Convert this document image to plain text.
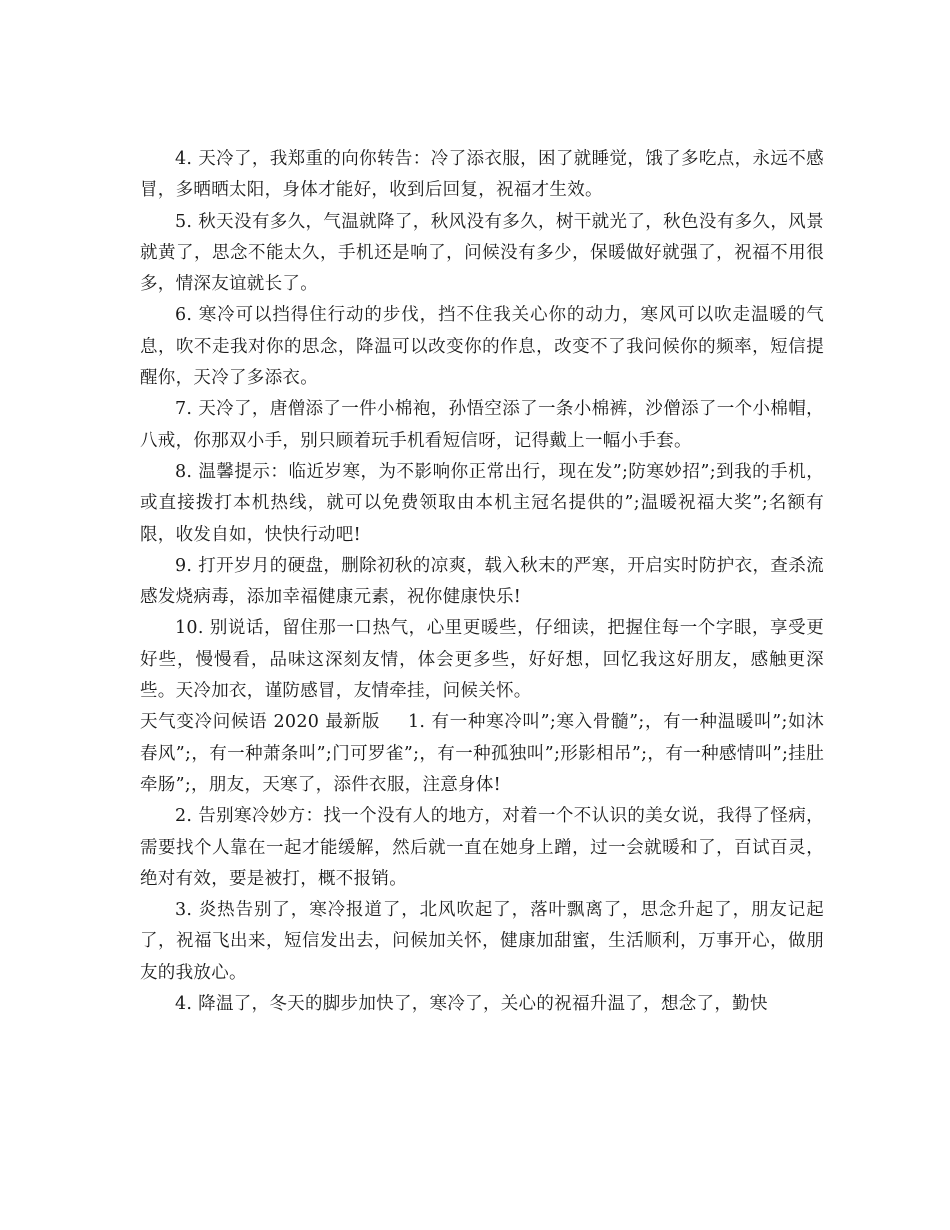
4. 天冷了，我郑重的向你转告：冷了添衣服，困了就睡觉，饿了多吃点，永远不感冒，多晒晒太阳，身体才能好，收到后回复，祝福才生效。

5. 秋天没有多久，气温就降了，秋风没有多久，树干就光了，秋色没有多久，风景就黄了，思念不能太久，手机还是响了，问候没有多少，保暖做好就强了，祝福不用很多，情深友谊就长了。

6. 寒冷可以挡得住行动的步伐，挡不住我关心你的动力，寒风可以吹走温暖的气息，吹不走我对你的思念，降温可以改变你的作息，改变不了我问候你的频率，短信提醒你，天冷了多添衣。

7. 天冷了，唐僧添了一件小棉袍，孙悟空添了一条小棉裤，沙僧添了一个小棉帽，八戒，你那双小手，别只顾着玩手机看短信呀，记得戴上一幅小手套。

8. 温馨提示：临近岁寒，为不影响你正常出行，现在发”;防寒妙招”;到我的手机，或直接拨打本机热线，就可以免费领取由本机主冠名提供的”;温暖祝福大奖”;名额有限，收发自如，快快行动吧!

9. 打开岁月的硬盘，删除初秋的凉爽，载入秋末的严寒，开启实时防护衣，查杀流感发烧病毒，添加幸福健康元素，祝你健康快乐!

10. 别说话，留住那一口热气，心里更暖些，仔细读，把握住每一个字眼，享受更好些，慢慢看，品味这深刻友情，体会更多些，好好想，回忆我这好朋友，感触更深些。天冷加衣，谨防感冒，友情牵挂，问候关怀。

天气变冷问候语 2020 最新版 1. 有一种寒冷叫”;寒入骨髓”;，有一种温暖叫”;如沐春风”;，有一种萧条叫”;门可罗雀”;，有一种孤独叫”;形影相吊”;，有一种感情叫”;挂肚牵肠”;，朋友，天寒了，添件衣服，注意身体!

2. 告别寒冷妙方：找一个没有人的地方，对着一个不认识的美女说，我得了怪病，需要找个人靠在一起才能缓解，然后就一直在她身上蹭，过一会就暖和了，百试百灵，绝对有效，要是被打，概不报销。

3. 炎热告别了，寒冷报道了，北风吹起了，落叶飘离了，思念升起了，朋友记起了，祝福飞出来，短信发出去，问候加关怀，健康加甜蜜，生活顺利，万事开心，做朋友的我放心。

4. 降温了，冬天的脚步加快了，寒冷了，关心的祝福升温了，想念了，勤快
